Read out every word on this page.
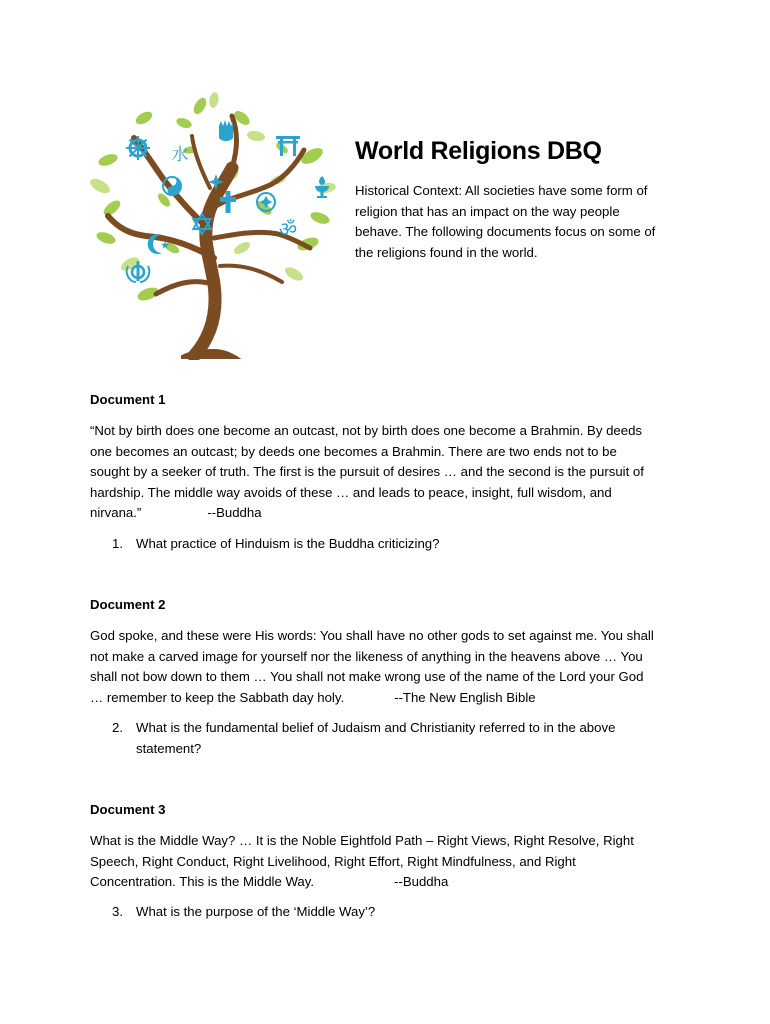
水
ॐ
World Religions DBQ
Historical Context: All societies have some form of
religion that has an impact on the way people
behave. The following documents focus on some of
the religions found in the world.
Document 1
“Not by birth does one become an outcast, not by birth does one become a Brahmin. By deeds
one becomes an outcast; by deeds one becomes a Brahmin. There are two ends not to be
sought by a seeker of truth. The first is the pursuit of desires … and the second is the pursuit of
hardship. The middle way avoids of these … and leads to peace, insight, full wisdom, and
nirvana.”	--Buddha
1. What practice of Hinduism is the Buddha criticizing?
Document 2
God spoke, and these were His words: You shall have no other gods to set against me. You shall
not make a carved image for yourself nor the likeness of anything in the heavens above … You
shall not bow down to them … You shall not make wrong use of the name of the Lord your God
… remember to keep the Sabbath day holy.	--The New English Bible
2. What is the fundamental belief of Judaism and Christianity referred to in the above
statement?
Document 3
What is the Middle Way? … It is the Noble Eightfold Path – Right Views, Right Resolve, Right
Speech, Right Conduct, Right Livelihood, Right Effort, Right Mindfulness, and Right
Concentration. This is the Middle Way.	--Buddha
3. What is the purpose of the ‘Middle Way’?
